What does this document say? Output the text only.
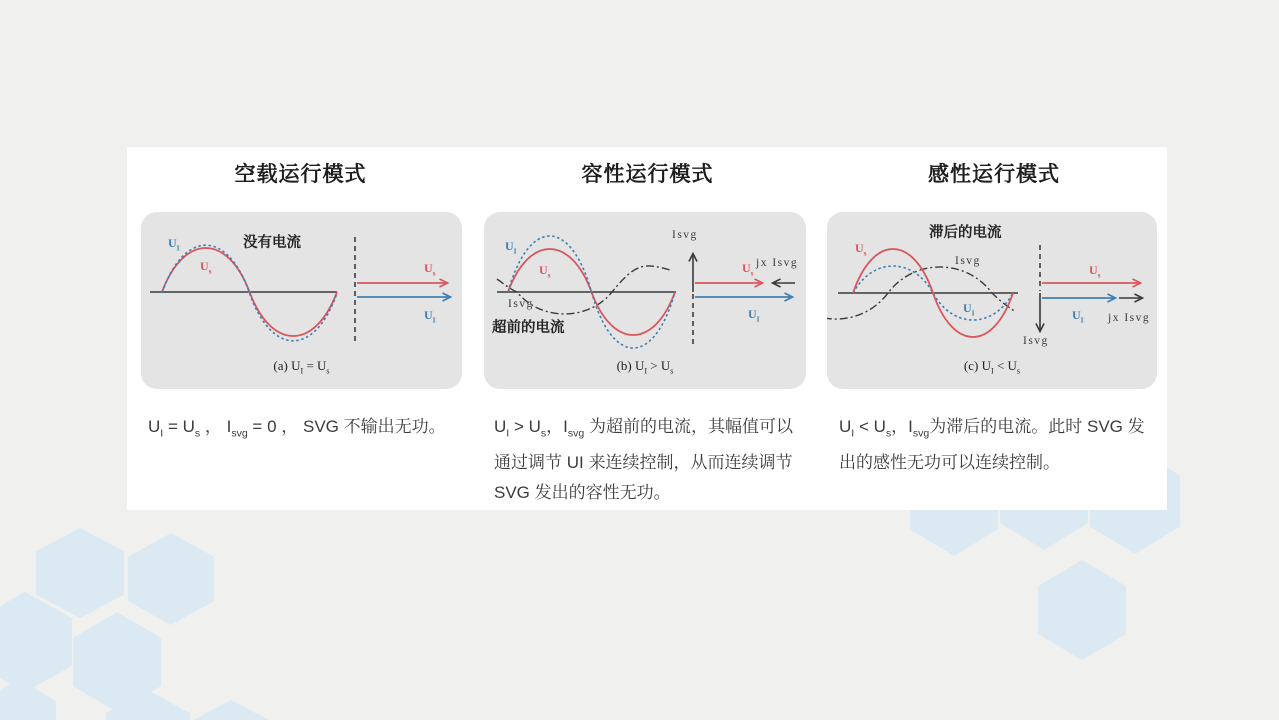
空载运行模式	容性运行模式	感性运行模式
$U_I$
$U_s$
没有电流
$U_s$
$U_I$
(a) $U_I = U_s$
$U_I$
$U_s$
Isvg
超前的电流
Isvg
$U_s$
jx Isvg
$U_I$
(b) $U_I > U_s$
$U_s$
滞后的电流
Isvg
$U_I$
Isvg
$U_s$
$U_I$ jx Isvg
(c) $U_I < U_s$

$U_I = U_s$ ， $I_{svg} = 0$ ， SVG 不输出无功。	$U_I > U_s$，$I_{svg}$ 为超前的电流，其幅值可以通过调节 UI 来连续控制，从而连续调节 SVG 发出的容性无功。

$U_I < U_s$，$I_{svg}$为滞后的电流。此时 SVG 发出的感性无功可以连续控制。
